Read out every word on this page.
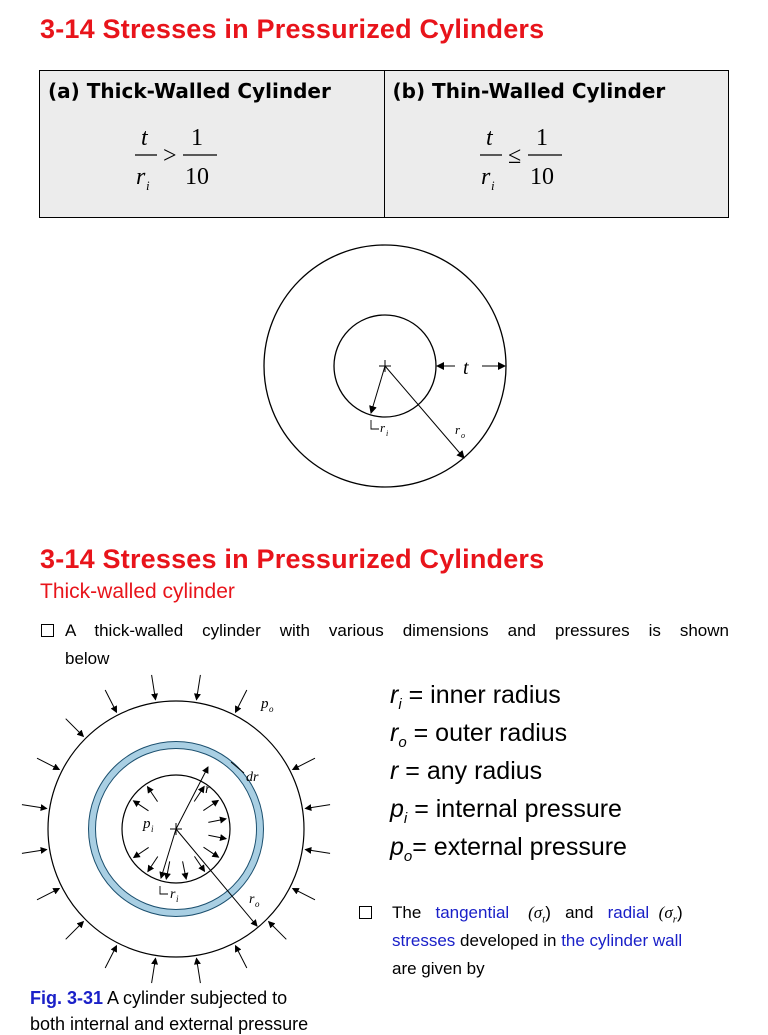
3-14 Stresses in Pressurized Cylinders
(a) Thick-Walled Cylinder
t
r i
>
1
10

(b) Thin-Walled Cylinder
t
r i
≤
1
10
t
r i	r o
3-14 Stresses in Pressurized Cylinders
Thick-walled cylinder
A thick-walled cylinder with various dimensions and pressures is shown
below
p o
dr
r
p i
r i	r o
$r_i$ = inner radius
$r_o$ = outer radius
r = any radius
$p_i$ = internal pressure
$p_o=$ external pressure
The tangential $(\sigma_t)$ and radial $(\sigma_r)$
stresses developed in the cylinder wall
are given by
Fig. 3-31 A cylinder subjected to
both internal and external pressure
